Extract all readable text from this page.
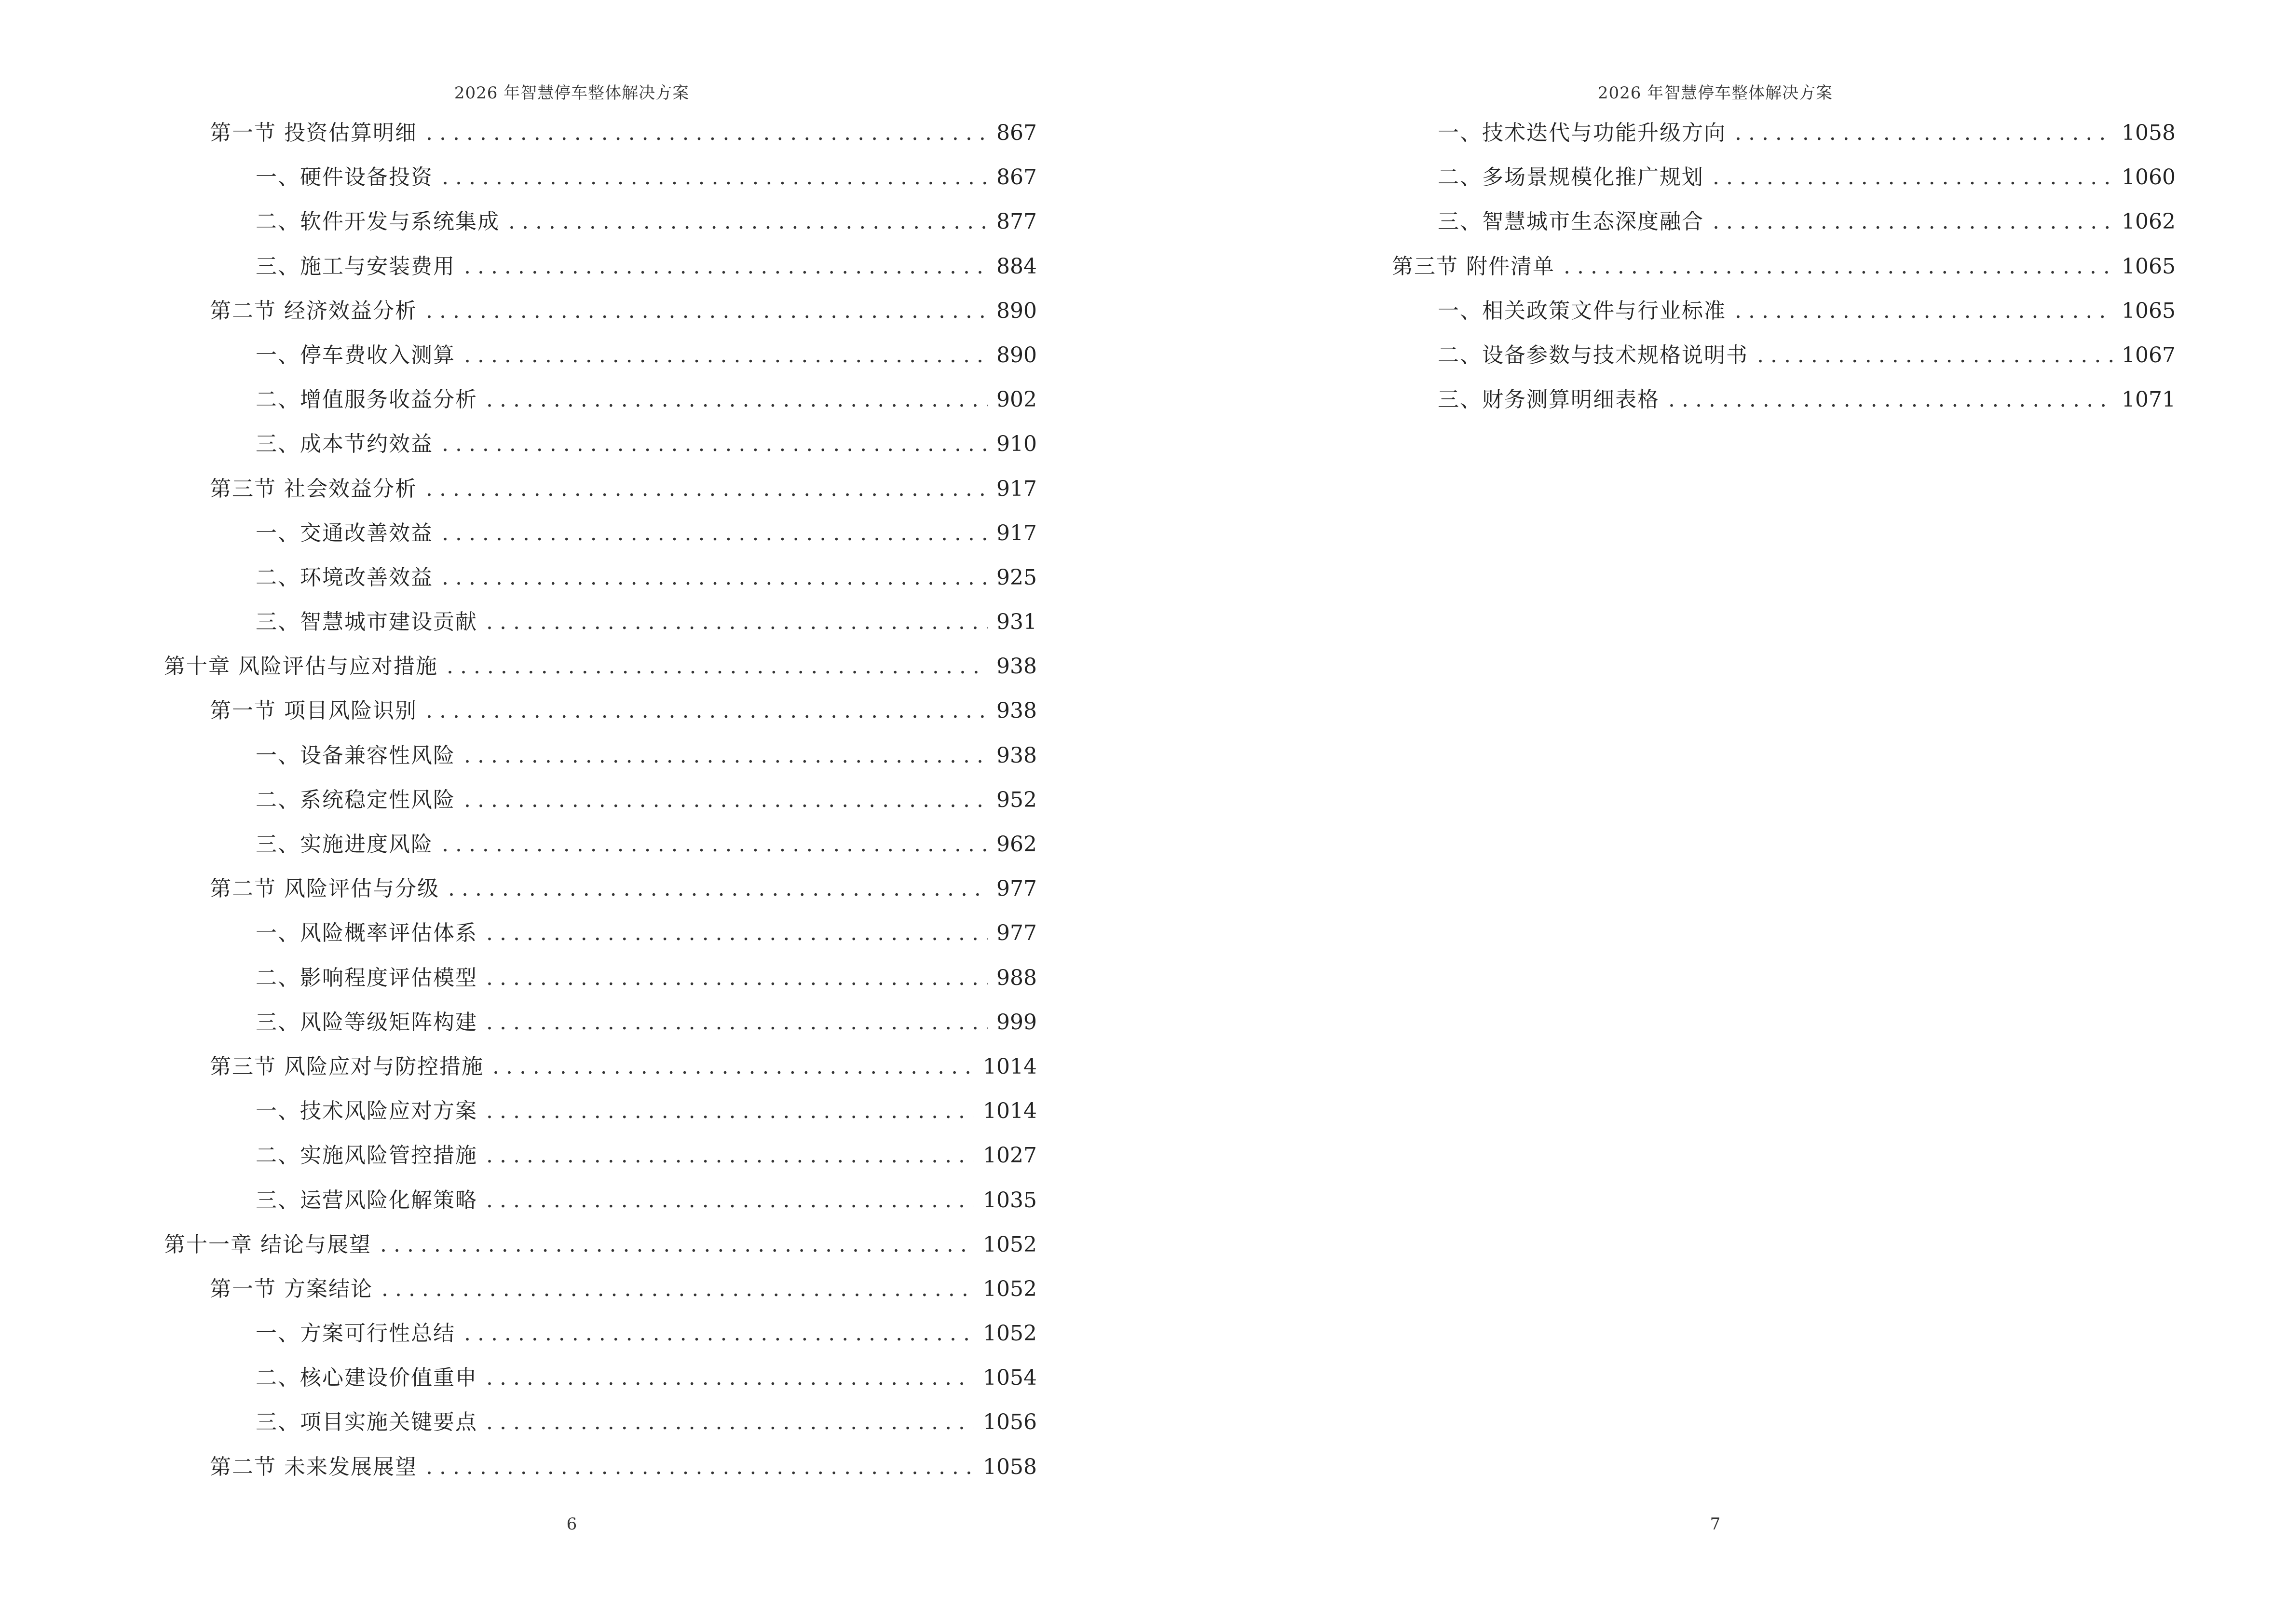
2026 年智慧停车整体解决方案
第一节 投资估算明细 . . .	867
一、硬件设备投资 . . .	867
二、软件开发与系统集成 . . .	877
三、施工与安装费用 . . .	884
第二节 经济效益分析 . . .	890
一、停车费收入测算 . . .	890
二、增值服务收益分析 . . .	902
三、成本节约效益 . . .	910
第三节 社会效益分析 . . .	917
一、交通改善效益 . . .	917
二、环境改善效益 . . .	925
三、智慧城市建设贡献 . . .	931
第十章 风险评估与应对措施 . . .	938
第一节 项目风险识别 . . .	938
一、设备兼容性风险 . . .	938
二、系统稳定性风险 . . .	952
三、实施进度风险 . . .	962
第二节 风险评估与分级 . . .	977
一、风险概率评估体系 . . .	977
二、影响程度评估模型 . . .	988
三、风险等级矩阵构建 . . .	999
第三节 风险应对与防控措施 . . .	1014
一、技术风险应对方案 . . .	1014
二、实施风险管控措施 . . .	1027
三、运营风险化解策略 . . .	1035
第十一章 结论与展望 . . .	1052
第一节 方案结论 . . .	1052
一、方案可行性总结 . . .	1052
二、核心建设价值重申 . . .	1054
三、项目实施关键要点 . . .	1056
第二节 未来发展展望 . . .	1058
6
2026 年智慧停车整体解决方案
一、技术迭代与功能升级方向 . . .	1058
二、多场景规模化推广规划 . . .	1060
三、智慧城市生态深度融合 . . .	1062
第三节 附件清单 . . .	1065
一、相关政策文件与行业标准 . . .	1065
二、设备参数与技术规格说明书 . . .	1067
三、财务测算明细表格 . . .	1071
7
